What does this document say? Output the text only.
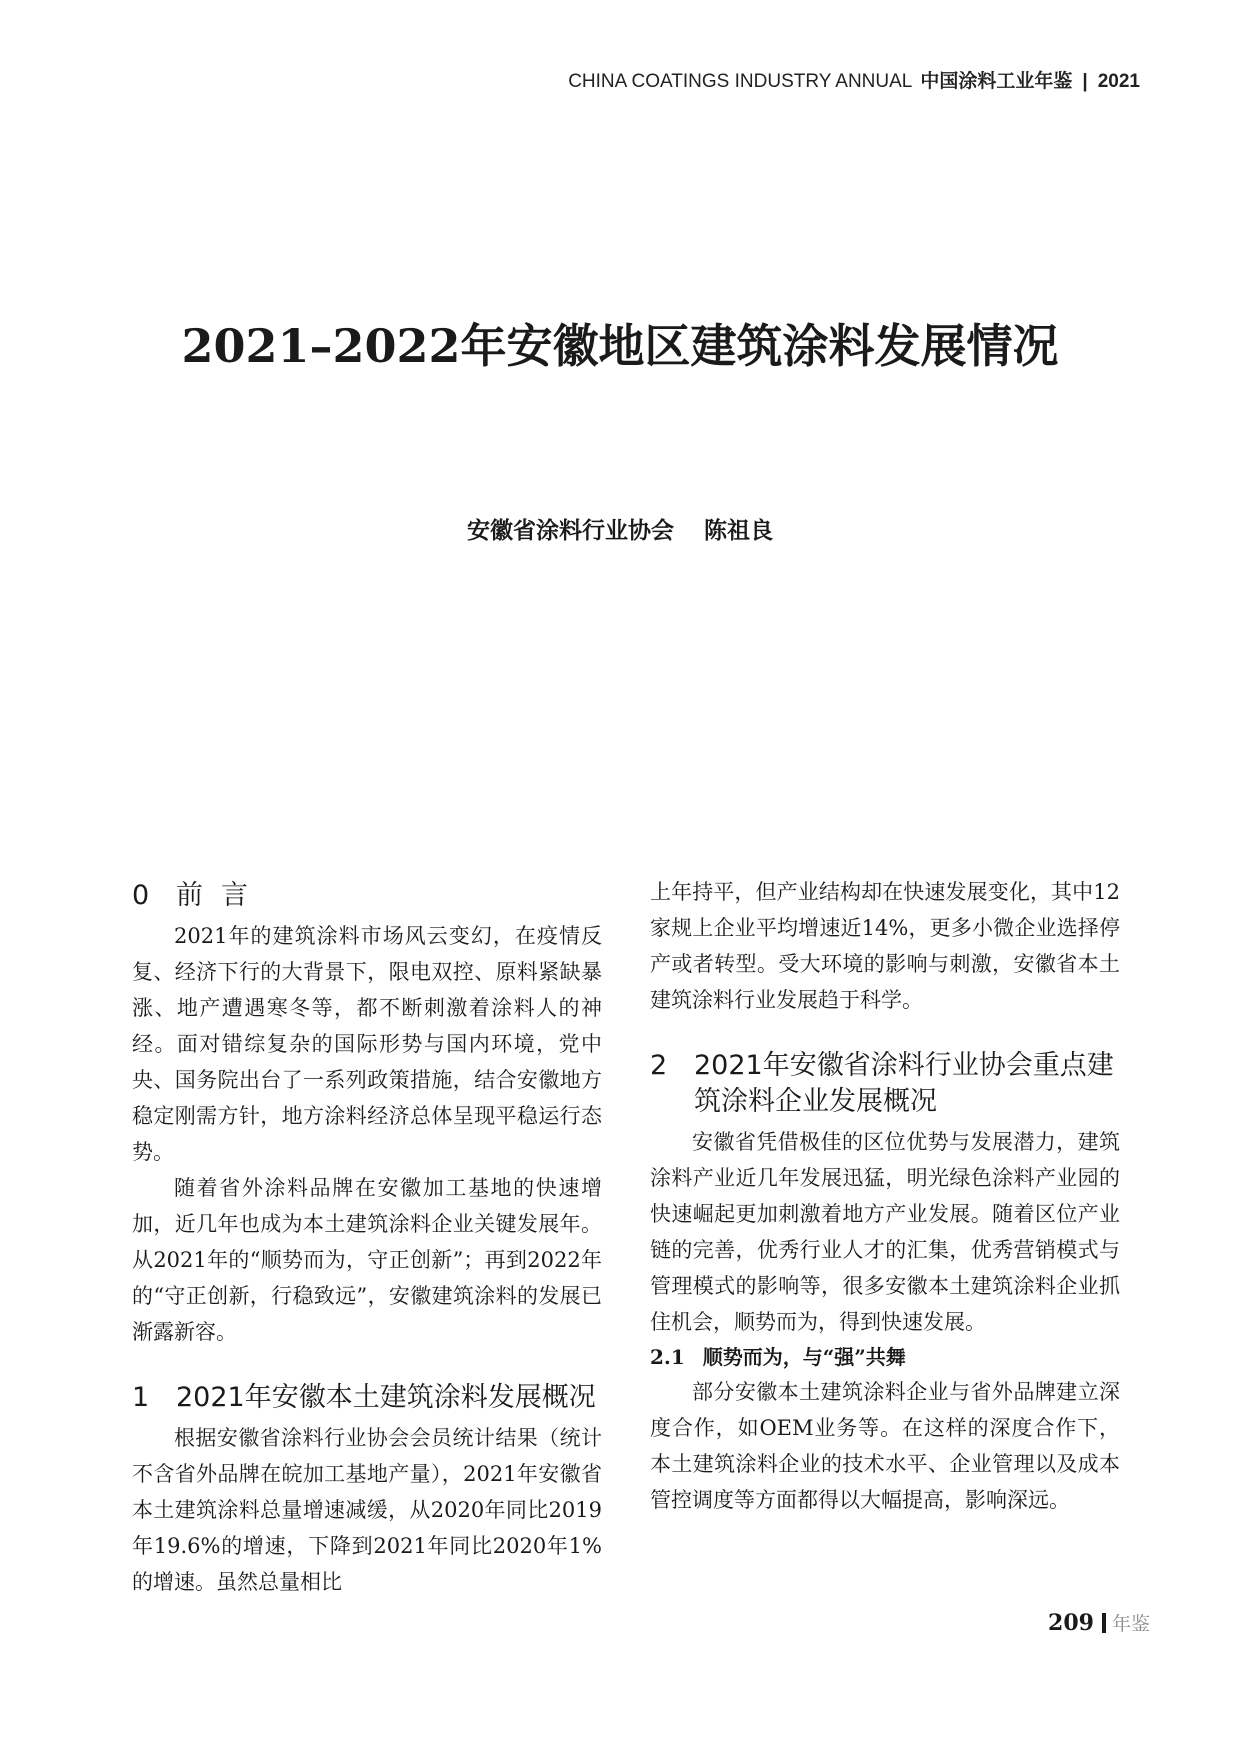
CHINA COATINGS INDUSTRY ANNUAL 中国涂料工业年鉴 | 2021
2021–2022年安徽地区建筑涂料发展情况
安徽省涂料行业协会 陈祖良
0 前言

2021年的建筑涂料市场风云变幻，在疫情反复、经济下行的大背景下，限电双控、原料紧缺暴涨、地产遭遇寒冬等，都不断刺激着涂料人的神经。面对错综复杂的国际形势与国内环境，党中央、国务院出台了一系列政策措施，结合安徽地方稳定刚需方针，地方涂料经济总体呈现平稳运行态势。

随着省外涂料品牌在安徽加工基地的快速增加，近几年也成为本土建筑涂料企业关键发展年。从2021年的“顺势而为，守正创新”；再到2022年的“守正创新，行稳致远”，安徽建筑涂料的发展已渐露新容。

1 2021年安徽本土建筑涂料发展概况

根据安徽省涂料行业协会会员统计结果（统计不含省外品牌在皖加工基地产量），2021年安徽省本土建筑涂料总量增速减缓，从2020年同比2019年19.6%的增速，下降到2021年同比2020年1%的增速。虽然总量相比

上年持平，但产业结构却在快速发展变化，其中12家规上企业平均增速近14%，更多小微企业选择停产或者转型。受大环境的影响与刺激，安徽省本土建筑涂料行业发展趋于科学。

2 2021年安徽省涂料行业协会重点建筑涂料企业发展概况

安徽省凭借极佳的区位优势与发展潜力，建筑涂料产业近几年发展迅猛，明光绿色涂料产业园的快速崛起更加刺激着地方产业发展。随着区位产业链的完善，优秀行业人才的汇集，优秀营销模式与管理模式的影响等，很多安徽本土建筑涂料企业抓住机会，顺势而为，得到快速发展。

2.1 顺势而为，与“强”共舞

部分安徽本土建筑涂料企业与省外品牌建立深度合作，如OEM业务等。在这样的深度合作下，本土建筑涂料企业的技术水平、企业管理以及成本管控调度等方面都得以大幅提高，影响深远。

209 年鉴
